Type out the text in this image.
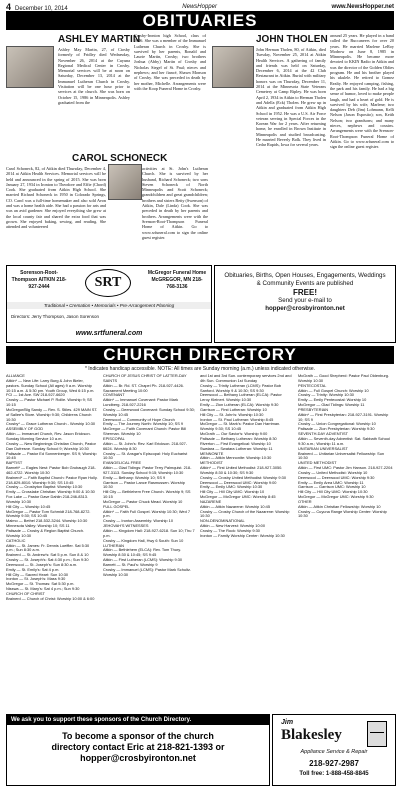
4 December 10, 2014	NewsHopper	www.NewsHopper.net
OBITUARIES
ASHLEY MARTIN
Ashley May Martin, 27, of Ctosby formerly of Fridley died Wednesday, November 26, 2014 at the Cuyuna Regional Medical Center in Crosby. Memorial services will be at noon on Saturday, December 13, 2014 at the Immanuel Lutheran Church in Crosby. Visitation will be one hour prior to services at the church. She was born on October 15, 1986 in Minneapolis. Ashley graduated from the
Crosby-Ironton high School, class of 2006. She was a member of the Immanuel Lutheran Church in Crosby. She is survived by her parents, Ronald and Laurie Martin, Crosby; two brothers Joshua (Abby) Martin of Crosby and Nicholas Siegel of St. Paul; nieces and nephews; and her fiancé, Shawn Monson of Crosby. She was preceded in death by her mother, Michelle. Arrangements were with the Koop Funeral Home in Crosby.
JOHN THOLEN
John Herman Tholen, 80, of Aitkin, died Tuesday, November 25, 2014 at Aitkin Health Services. A gathering of family and friends was held on Saturday, December 6, 2014 at the 42 Club Restaurant in Aitkin. Burial with military honors was on Thursday, December 11, 2014 at the Minnesota State Veterans Cemetery at Camp Ripley. He was born April 2, 1934 in Aitkin to Herman Tholen and Adella (Eck) Tholen. He grew up in Aitkin and graduated from Aitkin High School in 1952. He was a U.S. Air Force veteran serving in Special Forces in the Korean War for 2 years. After returning home, he enrolled in Brown Institute in Minneapolis and studied broadcasting. He married Beverly Bolk. They lived in Cedar Rapids, Iowa for several years.
around 25 years. He played in a band called the Buccaneers for over 20 years. He married Marlene LeRoy Modrow on June 8, 1985 in Minneapolis. He became more devoted to KKIN Radio in Aitkin and was the director of the Golden Oldies program. He and his brother played his ukulele. He retired to Gomez Realty. He enjoyed camping, fishing, the park and his family. He had a big sense of humor, loved to make people laugh, and had a heart of gold. He is survived by his wife, Marlene; two daughters Deb (Jim) Lohmann, Kelli Nelson (Jason Esposito); son, Keith Nelson; two grandsons; and many nieces, nephews and cousins. Arrangements were with the Srenson-Root-Thompson Funeral Home of Aitkin. Go to www.srfuneral.com to sign the online guest register.
CAROL SCHONECK
Carol Schoneck, 82, of Aitkin died Thursday, December 4, 2014 at Aitkin Health Services. Memorial services will be held and announced in the spring of 2015. She was born January 27, 1934 in Ironton to Theodore and Effie (Chord) Cook. She graduated from Aitkin High School. She married Richard Schoneck in 1950 in Colorado Springs, CO. Carol was a full-time homemaker and also sold Avon and was a home health aide. She had a passion for arts and was an avid gardener. She enjoyed everything she grew at the local county fair and shared the extra food that was grown. She enjoyed baking, sewing, and reading. She attended and volunteered
activities at St. John's Lutheran Church. She is survived by her husband, Richard Schoneck; two sons Steven Schoneck of North Minneapolis and Scott Schoneck; grandchildren and great grandchildren; brothers and sisters Betty (Swenson) of Aitkin, Dale (Linda) Cook. She was preceded in death by her parents and brothers. Arrangements were with the Srenson-Root-Thompson Funeral Home of Aitkin. Go to www.srfuneral.com to sign the online guest register.
Sorenson-Root-Thompson AITKIN 218-927-2444	SRT
McGregor Funeral Home McGREGOR, MN 218-768-3136
Traditional • Cremation • Memorials • Pre-Arrangement Planning
Directors: Jerry Thompson, Jason Sorenson
www.srtfuneral.com
Obituaries, Births, Open Houses, Engagements, Weddings & Community Events are published
FREE!
Send your e-mail to
hopper@crosbyironton.net
CHURCH DIRECTORY
* Indicates handicap accessible. NOTE: All times are Sunday morning (a.m.) unless indicated otherwise.
ALLIANCE
Aitkin* — New Life: Larry Burg & John Bieler, pastors. Sunday School (All ages) 9 a.m. Worship 10:15 a.m. & 5:30 pm. Youth Group, Wed 6:15 p.m. FCI — 1st Ave. SW 218-927-6620
Crosby — Pastor Michael P. Rollie. Worship 9; SS 10:15
McGregor/Big Sandy — Rev. S. Stiles. 429 MAIN ST. of Sallee's Store. Worship 9:30; Childrens Church 10:30
Crosby* — Grace Lutheran Church - Worship 10:30
ASSEMBLY OF GOD
Aitkin — Immanuel Church, Rev. Jason Erickson. Sunday Morning Service 10 a.m.
Crosby — New Beginnings Christian Church, Pastor Dan Dufresne. Sunday School 9; Worship 10:30
Palisade — Pastor Ed Sonnenberger. SS 9; Worship 10:45
BAPTIST
Barnett* — Eagles Nest: Pastor Bob Grubaugh 218-462-4722. Worship 10:30
Brainerd* — Faith Baptist Church: Pastor Ryan Holly. 218-829-8010. Worship 9:30; SS 10:45
Crosby — Crosbyton Baptist: Worship 10:30
Emily — Crosslake Christian: Worship 9:00 & 10:30
Fox Lake — Pastor Dave Dahlin 218-246-8313. Worship 10:30
Hill City — Worship 10:45
McGregor — Pastor Tom Schmidt 218-768-8272. Worship 9:30; SS 10:45
Malmo — Bethel 218-532-3244. Worship 10:30
Minnesota Valley: Worship 10; SS 11
Palisade — Crosby & Region Baptist Church. Worship 10:30
CATHOLIC
Aitkin — St. James: Fr. Dennis Loeffler. Sat 5:30 p.m.; Sun 8:30 a.m.
Brainerd — St. Andrew's: Sat 5 p.m. Sun 8 & 10
Crosby — St. Joseph's: Sat 4:30 p.m.; Sun 9:30
Deerwood — St. Joseph's: Sun 8:30 a.m.
Emily — St. Emily's: Sat 4 p.m.
Hill City — Sacred Heart: Sun 10:30
Ironton — St. Joseph's: Mass 9:30
McGregor — St. Thomas: Sat 5:30 p.m.
Nisswa — St. Mary's: Sat 4 p.m.; Sun 9:30
CHURCH OF CHRIST
Brainerd — Church of Christ: Worship 10:00 & 6:00
CHURCH OF JESUS CHRIST OF LATTER-DAY SAINTS
Aitkin — Br. Rd. ST. Chapel Ph. 218-927-4426. Sacrament Meeting 10:00
COVENANT
Aitkin* — Immanuel Covenant: Pastor Mark Lundberg. 218-927-2216
Crosby — Deerwood Covenant: Sunday School 9:30; Worship 10:45
Deerwood — Community of Hope Church
Emily — The Journey North: Worship 10; SS 9
McGregor — Faith Covenant Church: Pastor Bill Sherman. Worship 10
EPISCOPAL
Aitkin — St. John's: Rev. Karl Erickson. 218-927-6624. Worship 8:30
Crosby — St. Ansgar's Episcopal: Holy Eucharist 10:30
EVANGELICAL FREE
Aitkin — Glad Tidings: Pastor Terry Palmquist. 218-927-3113. Sunday School 9:15; Worship 10:30
Emily — Bethany: Worship 10; SS 9
Garrison — Pastor Lance Rasmussen. Worship 10:30
Hill City — Bethlehem Free Church. Worship 9; SS 10:15
McGregor — Pastor Chuck Mead. Worship 10
FULL GOSPEL
Aitkin* — Faith Full Gospel. Worship 10:30; Wed 7 p.m.
Crosby — Ironton Assembly: Worship 10
JEHOVAH'S WITNESSES
Aitkin — Kingdom Hall: 218-927-6218. Sun 10; Thu 7 p.m.
Crosby — Kingdom Hall, Hwy 6 South: Sun 10
LUTHERAN
Aitkin — Bethlehem (ELCA): Rev. Tom Thury. Worship 8:30 & 10:45; SS 9:45
Aitkin — First Lutheran (LCMS): Worship 9:30
Barnett — St. Paul's: Worship 9
Crosby — Immanuel (LCMS): Pastor Mark Schultz. Worship 10:30
and 1st and 3rd Sun. contemporary services 2nd and 4th Sun. Communion 1st Sunday
Crosby — Trinity Lutheran (LCMS): Pastor Bob Sanford. Worship 9 & 10:30; SS 9:30
Deerwood — Bethany Lutheran (ELCA): Pastor Leroy Kleinert. Worship 10:30
Emily — Zion Lutheran (ELCA): Worship 9:30
Garrison — First Lutheran: Worship 10
Hill City — St. John's: Worship 10:30
Ironton — St. Paul Lutheran: Worship 8:45
McGregor — St. Mark's: Pastor Dan Harriman. Worship 9:30; SS 10:45
McGrath — Our Savior's: Worship 9:00
Palisade — Bethany Lutheran: Worship 8:30
Riverton — First Evangelical: Worship 10
Swatara — Swatara Lutheran: Worship 11
MENNONITE
Aitkin — Aitkin Mennonite: Worship 10:30
METHODIST
Aitkin* — First United Methodist: 218-927-3050. Worship 8:30 & 10:30; SS 9:30
Crosby — Crosby United Methodist: Worship 9:30
Deerwood — Deerwood UMC: Worship 9:00
Emily — Emily UMC: Worship 10:30
Hill City — Hill City UMC: Worship 10
McGregor — McGregor UMC: Worship 8:45
NAZARENE
Aitkin — Aitkin Nazarene: Worship 10:45
Crosby — Crosby Church of the Nazarene: Worship 10:30
NON-DENOMINATIONAL
Aitkin — New Harvest: Worship 10:00
Crosby — The Rock: Worship 9:30
Ironton — Family Worship Center: Worship 10:30
McGrath — Good Shepherd: Pastor Paul Oldenburg. Worship 10:30
PENTECOSTAL
Aitkin — Full Gospel Church: Worship 10
Crosby — Trinity: Worship 10:30
Emily — Emily Pentecostal: Worship 10
McGregor — Glad Tidings: Worship 11
PRESBYTERIAN
Aitkin* — First Presbyterian: 218-927-3191. Worship 10; SS 9
Crosby — Union Congregational: Worship 10
Palisade — Zion Presbyterian: Worship 9:30
SEVENTH-DAY ADVENTIST
Aitkin — Seventh-day Adventist: Sat. Sabbath School 9:30 a.m.; Worship 11 a.m.
UNITARIAN UNIVERSALIST
Brainerd — Unitarian Universalist Fellowship: Sun 10:30
UNITED METHODIST
Aitkin — First UMC: Pastor Jim Hanson. 218-927-2204
Crosby — United Methodist: Worship 10
Deerwood — Deerwood UMC: Worship 9:30
Emily — Emily Area UMC: Worship 11
Garrison — Garrison UMC: Worship 10
Hill City — Hill City UMC: Worship 10:30
McGregor — McGregor UMC: Worship 9:30
OTHER
Aitkin — Aitkin Christian Fellowship: Worship 10
Crosby — Cuyuna Range Worship Center: Worship 10:30
We ask you to support these sponsors of the Church Directory.
To become a sponsor of the church
directory contact Eric at 218-821-1393 or
hopper@crosbyironton.net
Jim
Blakesley
Appliance Service & Repair
218-927-2987
Toll free: 1-888-458-8845
